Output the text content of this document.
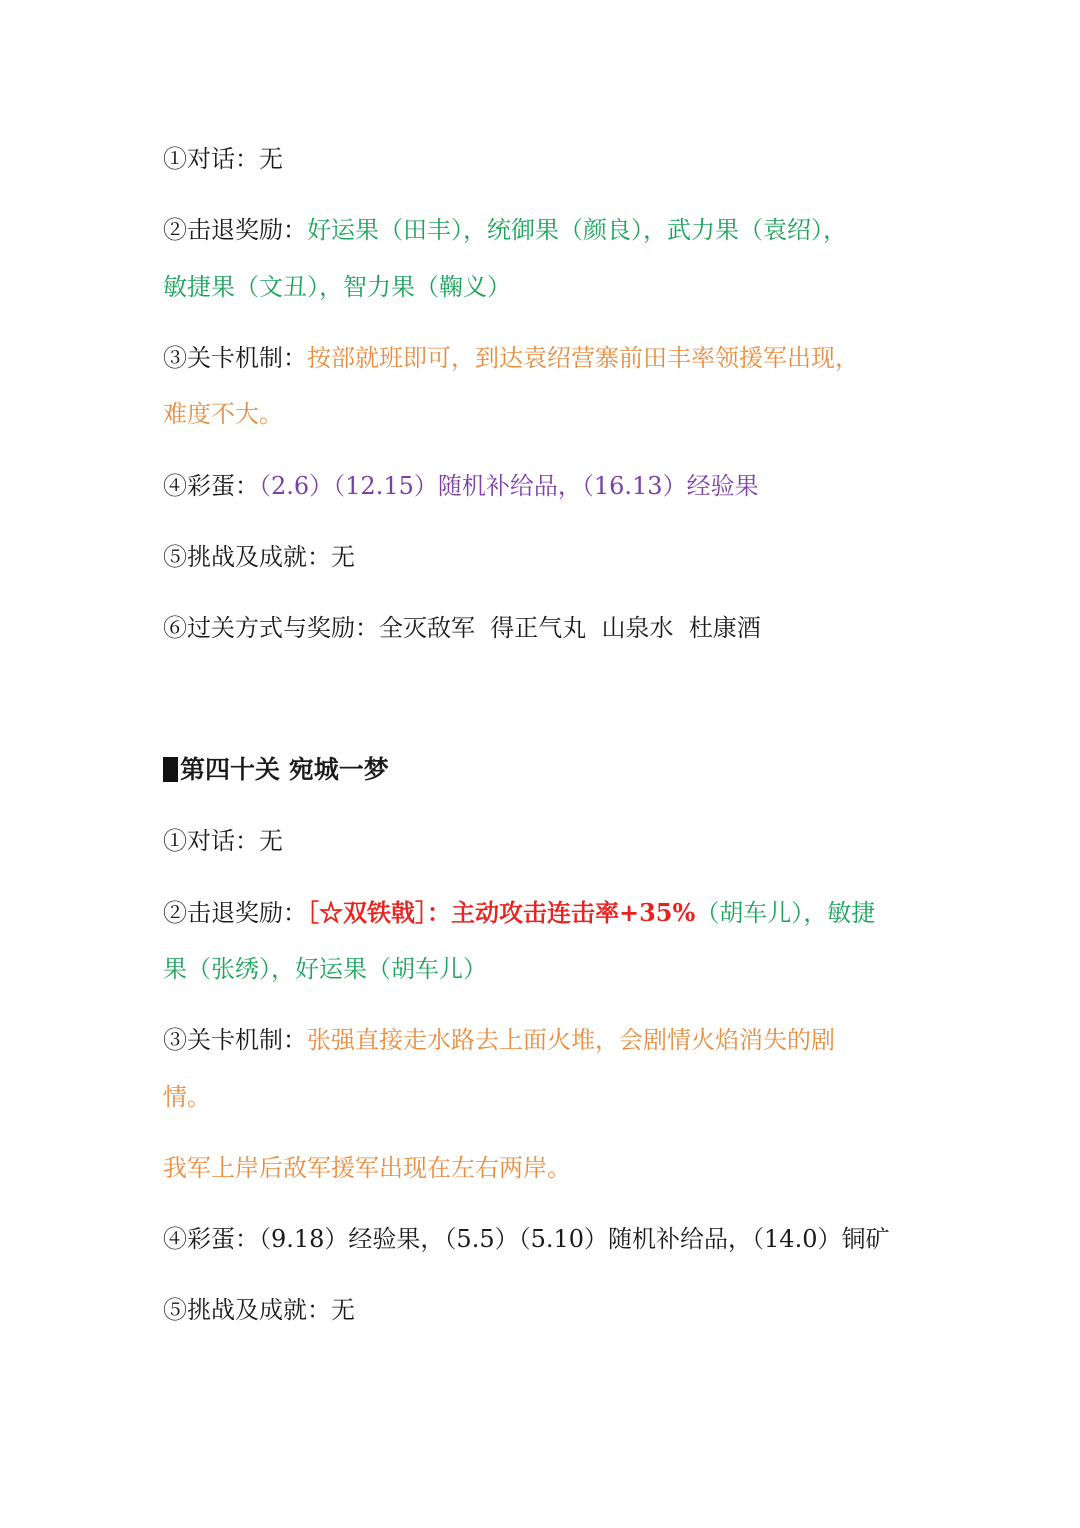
①对话：无
②击退奖励：好运果（田丰），统御果（颜良），武力果（袁绍），
敏捷果（文丑），智力果（鞠义）
③关卡机制：按部就班即可，到达袁绍营寨前田丰率领援军出现，
难度不大。
④彩蛋：（2.6）（12.15）随机补给品，（16.13）经验果
⑤挑战及成就：无
⑥过关方式与奖励：全灭敌军  得正气丸  山泉水  杜康酒
第四十关 宛城一梦
①对话：无
②击退奖励：［☆双铁戟］：主动攻击连击率+35%（胡车儿），敏捷
果（张绣），好运果（胡车儿）
③关卡机制：张强直接走水路去上面火堆，会剧情火焰消失的剧
情。
我军上岸后敌军援军出现在左右两岸。
④彩蛋：（9.18）经验果，（5.5）（5.10）随机补给品，（14.0）铜矿
⑤挑战及成就：无
